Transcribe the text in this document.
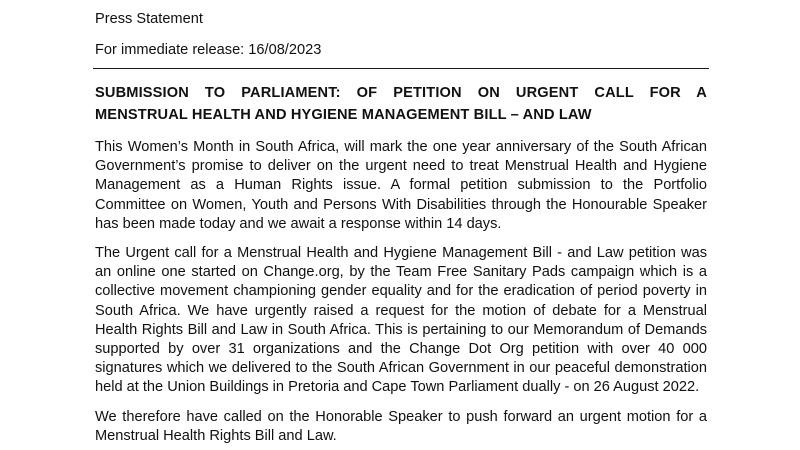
Press Statement
For immediate release: 16/08/2023
SUBMISSION TO PARLIAMENT: OF PETITION ON URGENT CALL FOR A
MENSTRUAL HEALTH AND HYGIENE MANAGEMENT BILL – AND LAW

This Women’s Month in South Africa, will mark the one year anniversary of the South African Government’s promise to deliver on the urgent need to treat Menstrual Health and Hygiene Management as a Human Rights issue. A formal petition submission to the Portfolio Committee on Women, Youth and Persons With Disabilities through the Honourable Speaker has been made today and we await a response within 14 days.

The Urgent call for a Menstrual Health and Hygiene Management Bill - and Law petition was an online one started on Change.org, by the Team Free Sanitary Pads campaign which is a collective movement championing gender equality and for the eradication of period poverty in South Africa. We have urgently raised a request for the motion of debate for a Menstrual Health Rights Bill and Law in South Africa. This is pertaining to our Memorandum of Demands supported by over 31 organizations and the Change Dot Org petition with over 40 000 signatures which we delivered to the South African Government in our peaceful demonstration held at the Union Buildings in Pretoria and Cape Town Parliament dually - on 26 August 2022.

We therefore have called on the Honorable Speaker to push forward an urgent motion for a Menstrual Health Rights Bill and Law.
